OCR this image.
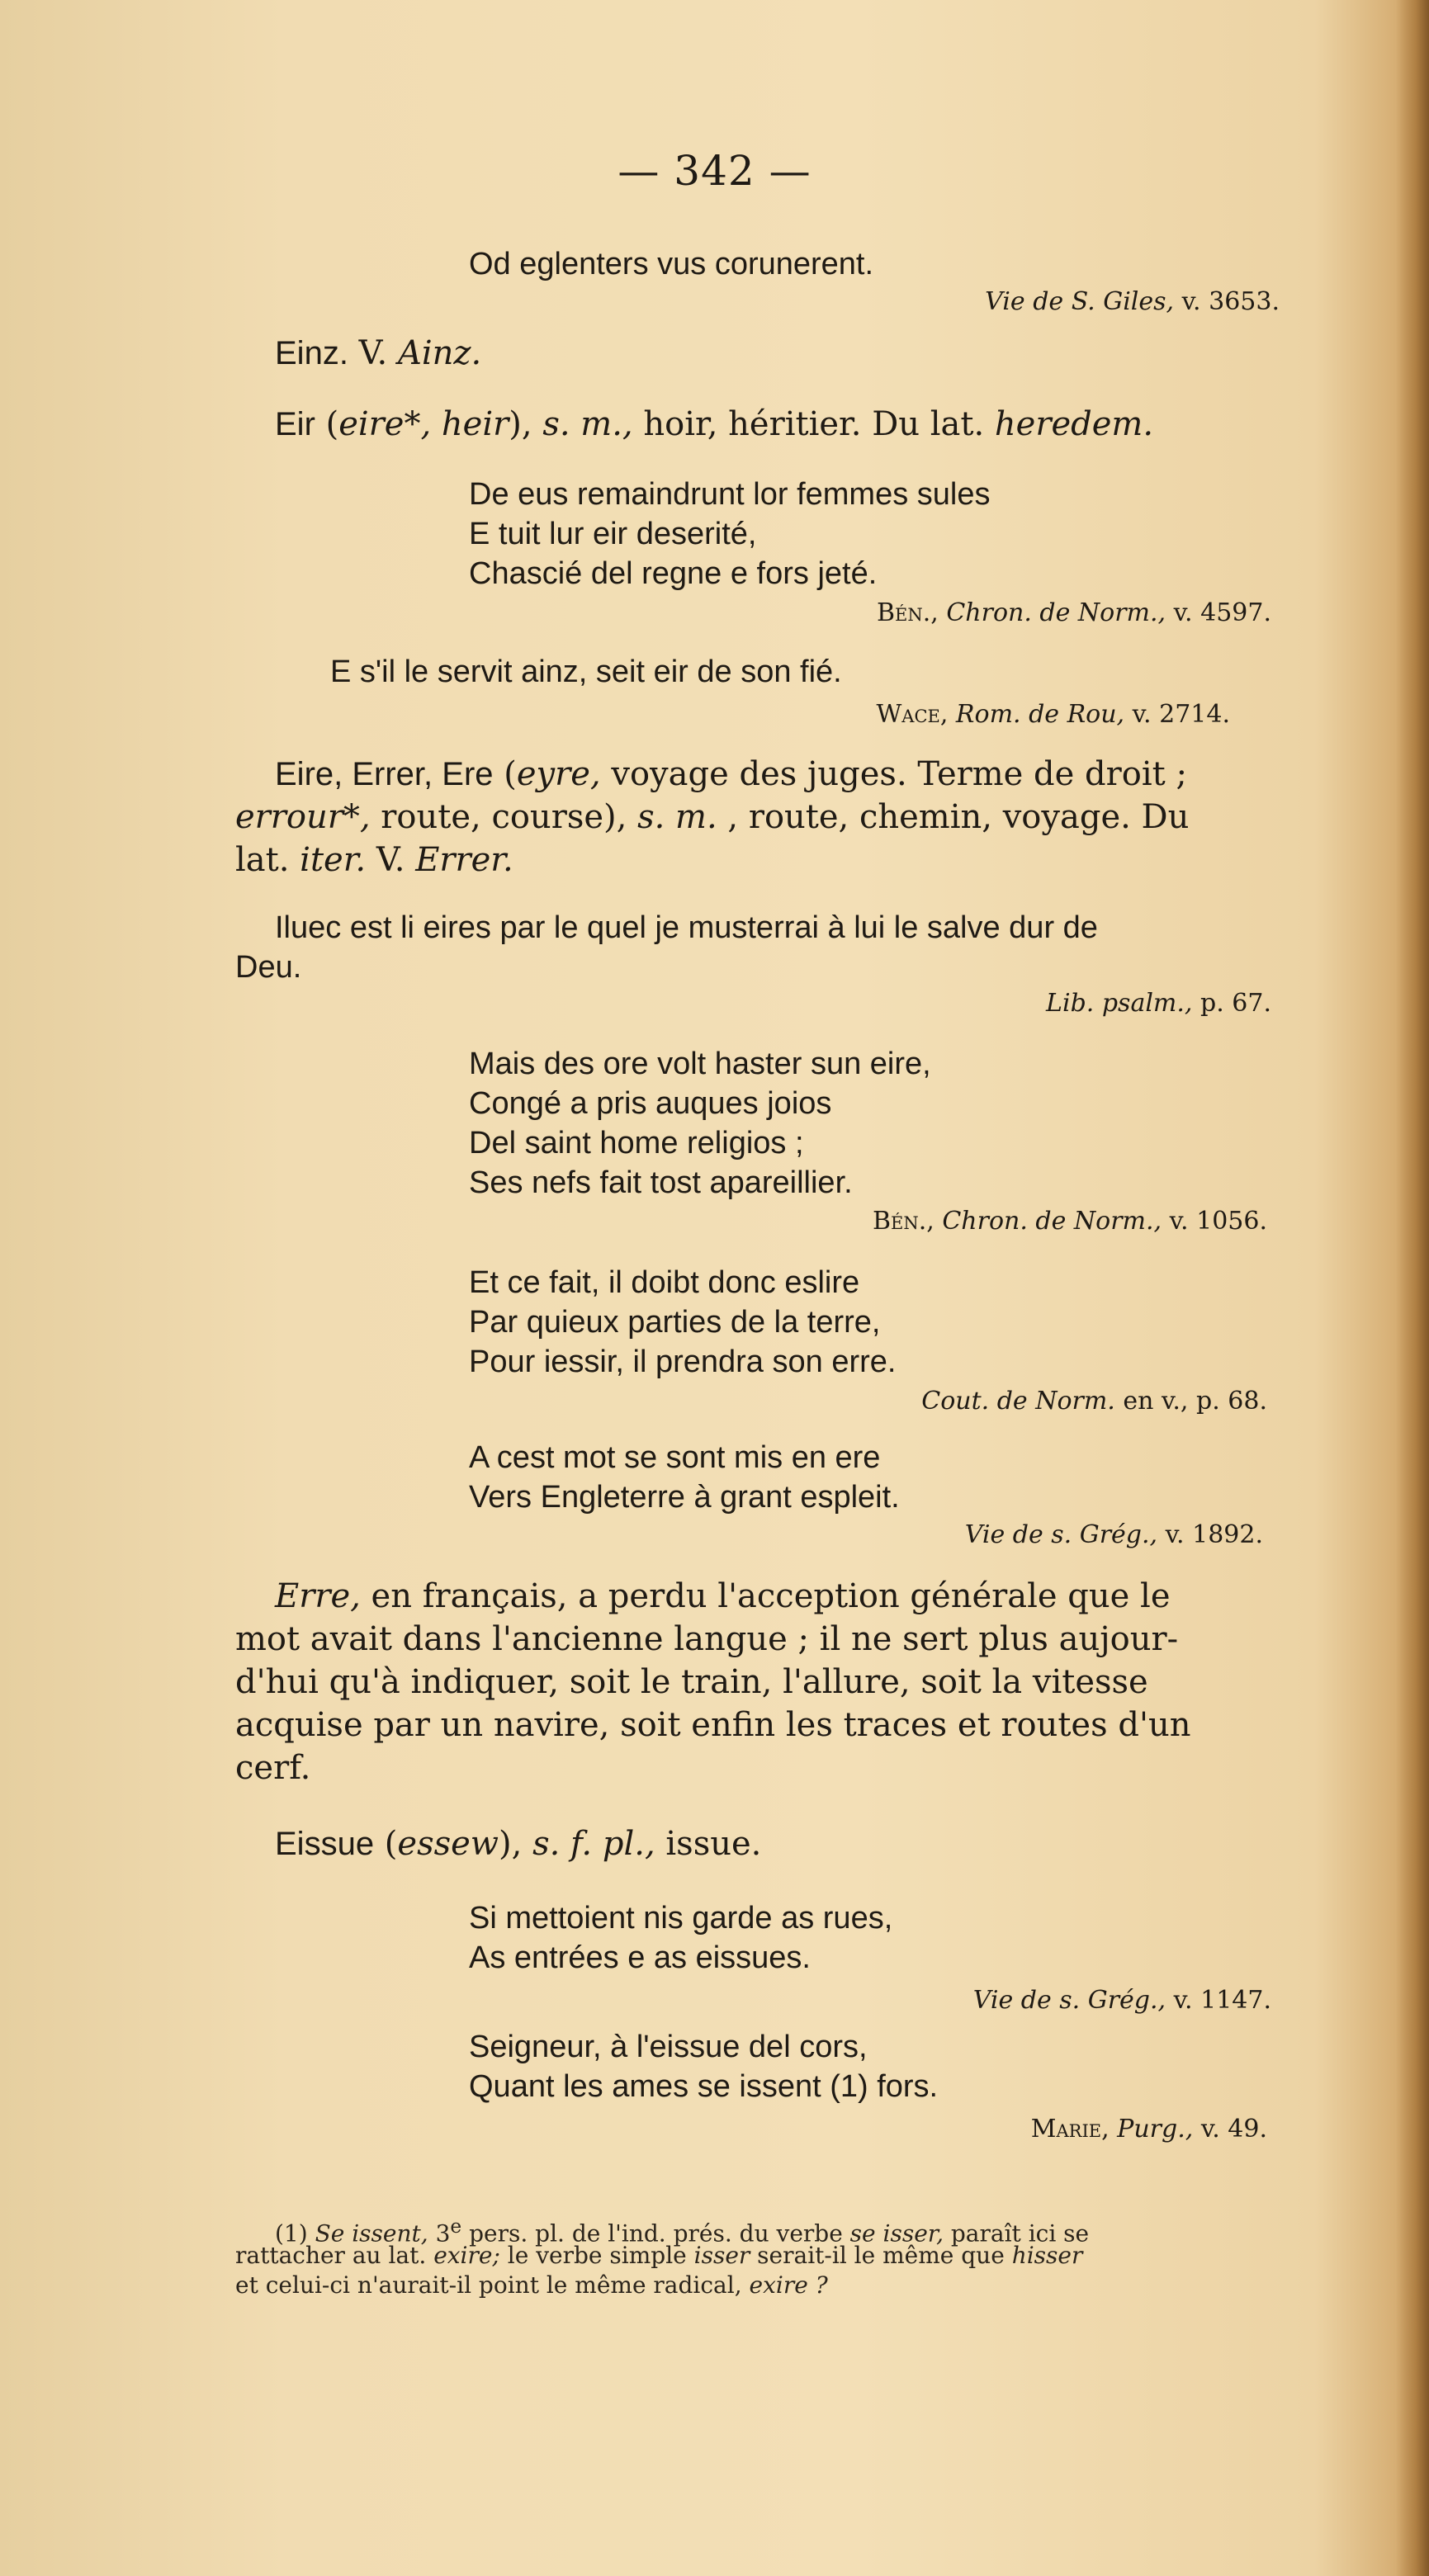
— 342 —
Od eglenters vus corunerent.
Vie de S. Giles, v. 3653.
Einz. V. Ainz.
Eir (eire*, heir), s. m., hoir, héritier. Du lat. heredem.
De eus remaindrunt lor femmes sules
E tuit lur eir deserité,
Chascié del regne e fors jeté.
Bén., Chron. de Norm., v. 4597.
E s'il le servit ainz, seit eir de son fié.
Wace, Rom. de Rou, v. 2714.
Eire, Errer, Ere (eyre, voyage des juges. Terme de droit ;
errour*, route, course), s. m. , route, chemin, voyage. Du
lat. iter. V. Errer.
Iluec est li eires par le quel je musterrai à lui le salve dur de
Deu.
Lib. psalm., p. 67.
Mais des ore volt haster sun eire,
Congé a pris auques joios
Del saint home religios ;
Ses nefs fait tost apareillier.
Bén., Chron. de Norm., v. 1056.
Et ce fait, il doibt donc eslire
Par quieux parties de la terre,
Pour iessir, il prendra son erre.
Cout. de Norm. en v., p. 68.
A cest mot se sont mis en ere
Vers Engleterre à grant espleit.
Vie de s. Grég., v. 1892.
Erre, en français, a perdu l'acception générale que le
mot avait dans l'ancienne langue ; il ne sert plus aujour-
d'hui qu'à indiquer, soit le train, l'allure, soit la vitesse
acquise par un navire, soit enfin les traces et routes d'un
cerf.
Eissue (essew), s. f. pl., issue.
Si mettoient nis garde as rues,
As entrées e as eissues.
Vie de s. Grég., v. 1147.
Seigneur, à l'eissue del cors,
Quant les ames se issent (1) fors.
Marie, Purg., v. 49.
(1) Se issent, 3e pers. pl. de l'ind. prés. du verbe se isser, paraît ici se
rattacher au lat. exire; le verbe simple isser serait-il le même que hisser
et celui-ci n'aurait-il point le même radical, exire ?
